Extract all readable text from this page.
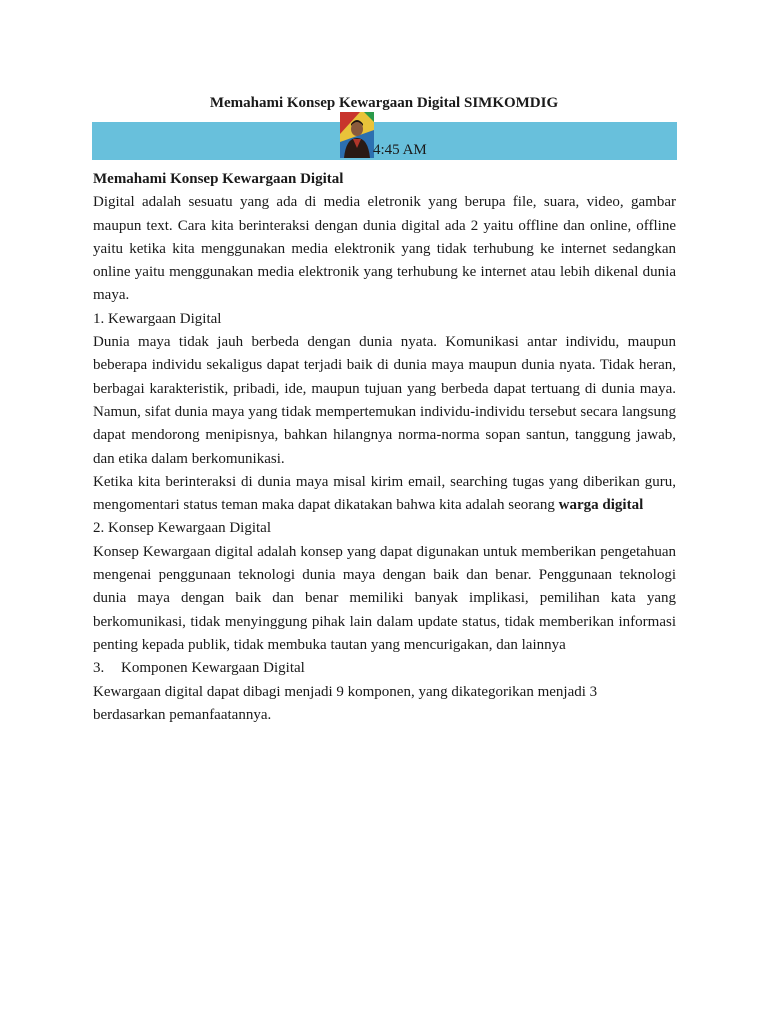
Memahami Konsep Kewargaan Digital SIMKOMDIG
4:45 AM

Memahami Konsep Kewargaan Digital

Digital adalah sesuatu yang ada di media eletronik yang berupa file, suara, video, gambar maupun text. Cara kita berinteraksi dengan dunia digital ada 2 yaitu offline dan online, offline yaitu ketika kita menggunakan media elektronik yang tidak terhubung ke internet sedangkan online yaitu menggunakan media elektronik yang terhubung ke internet atau lebih dikenal dunia maya.

1. Kewargaan Digital

Dunia maya tidak jauh berbeda dengan dunia nyata. Komunikasi antar individu, maupun beberapa individu sekaligus dapat terjadi baik di dunia maya maupun dunia nyata. Tidak heran, berbagai karakteristik, pribadi, ide, maupun tujuan yang berbeda dapat tertuang di dunia maya. Namun, sifat dunia maya yang tidak mempertemukan individu-individu tersebut secara langsung dapat mendorong menipisnya, bahkan hilangnya norma-norma sopan santun, tanggung jawab, dan etika dalam berkomunikasi.

Ketika kita berinteraksi di dunia maya misal kirim email, searching tugas yang diberikan guru, mengomentari status teman maka dapat dikatakan bahwa kita adalah seorang warga digital

2. Konsep Kewargaan Digital

Konsep Kewargaan digital adalah konsep yang dapat digunakan untuk memberikan pengetahuan mengenai penggunaan teknologi dunia maya dengan baik dan benar. Penggunaan teknologi dunia maya dengan baik dan benar memiliki banyak implikasi, pemilihan kata yang berkomunikasi, tidak menyinggung pihak lain dalam update status, tidak memberikan informasi penting kepada publik, tidak membuka tautan yang mencurigakan, dan lainnya

3. Komponen Kewargaan Digital

Kewargaan digital dapat dibagi menjadi 9 komponen, yang dikategorikan menjadi 3 berdasarkan pemanfaatannya.
